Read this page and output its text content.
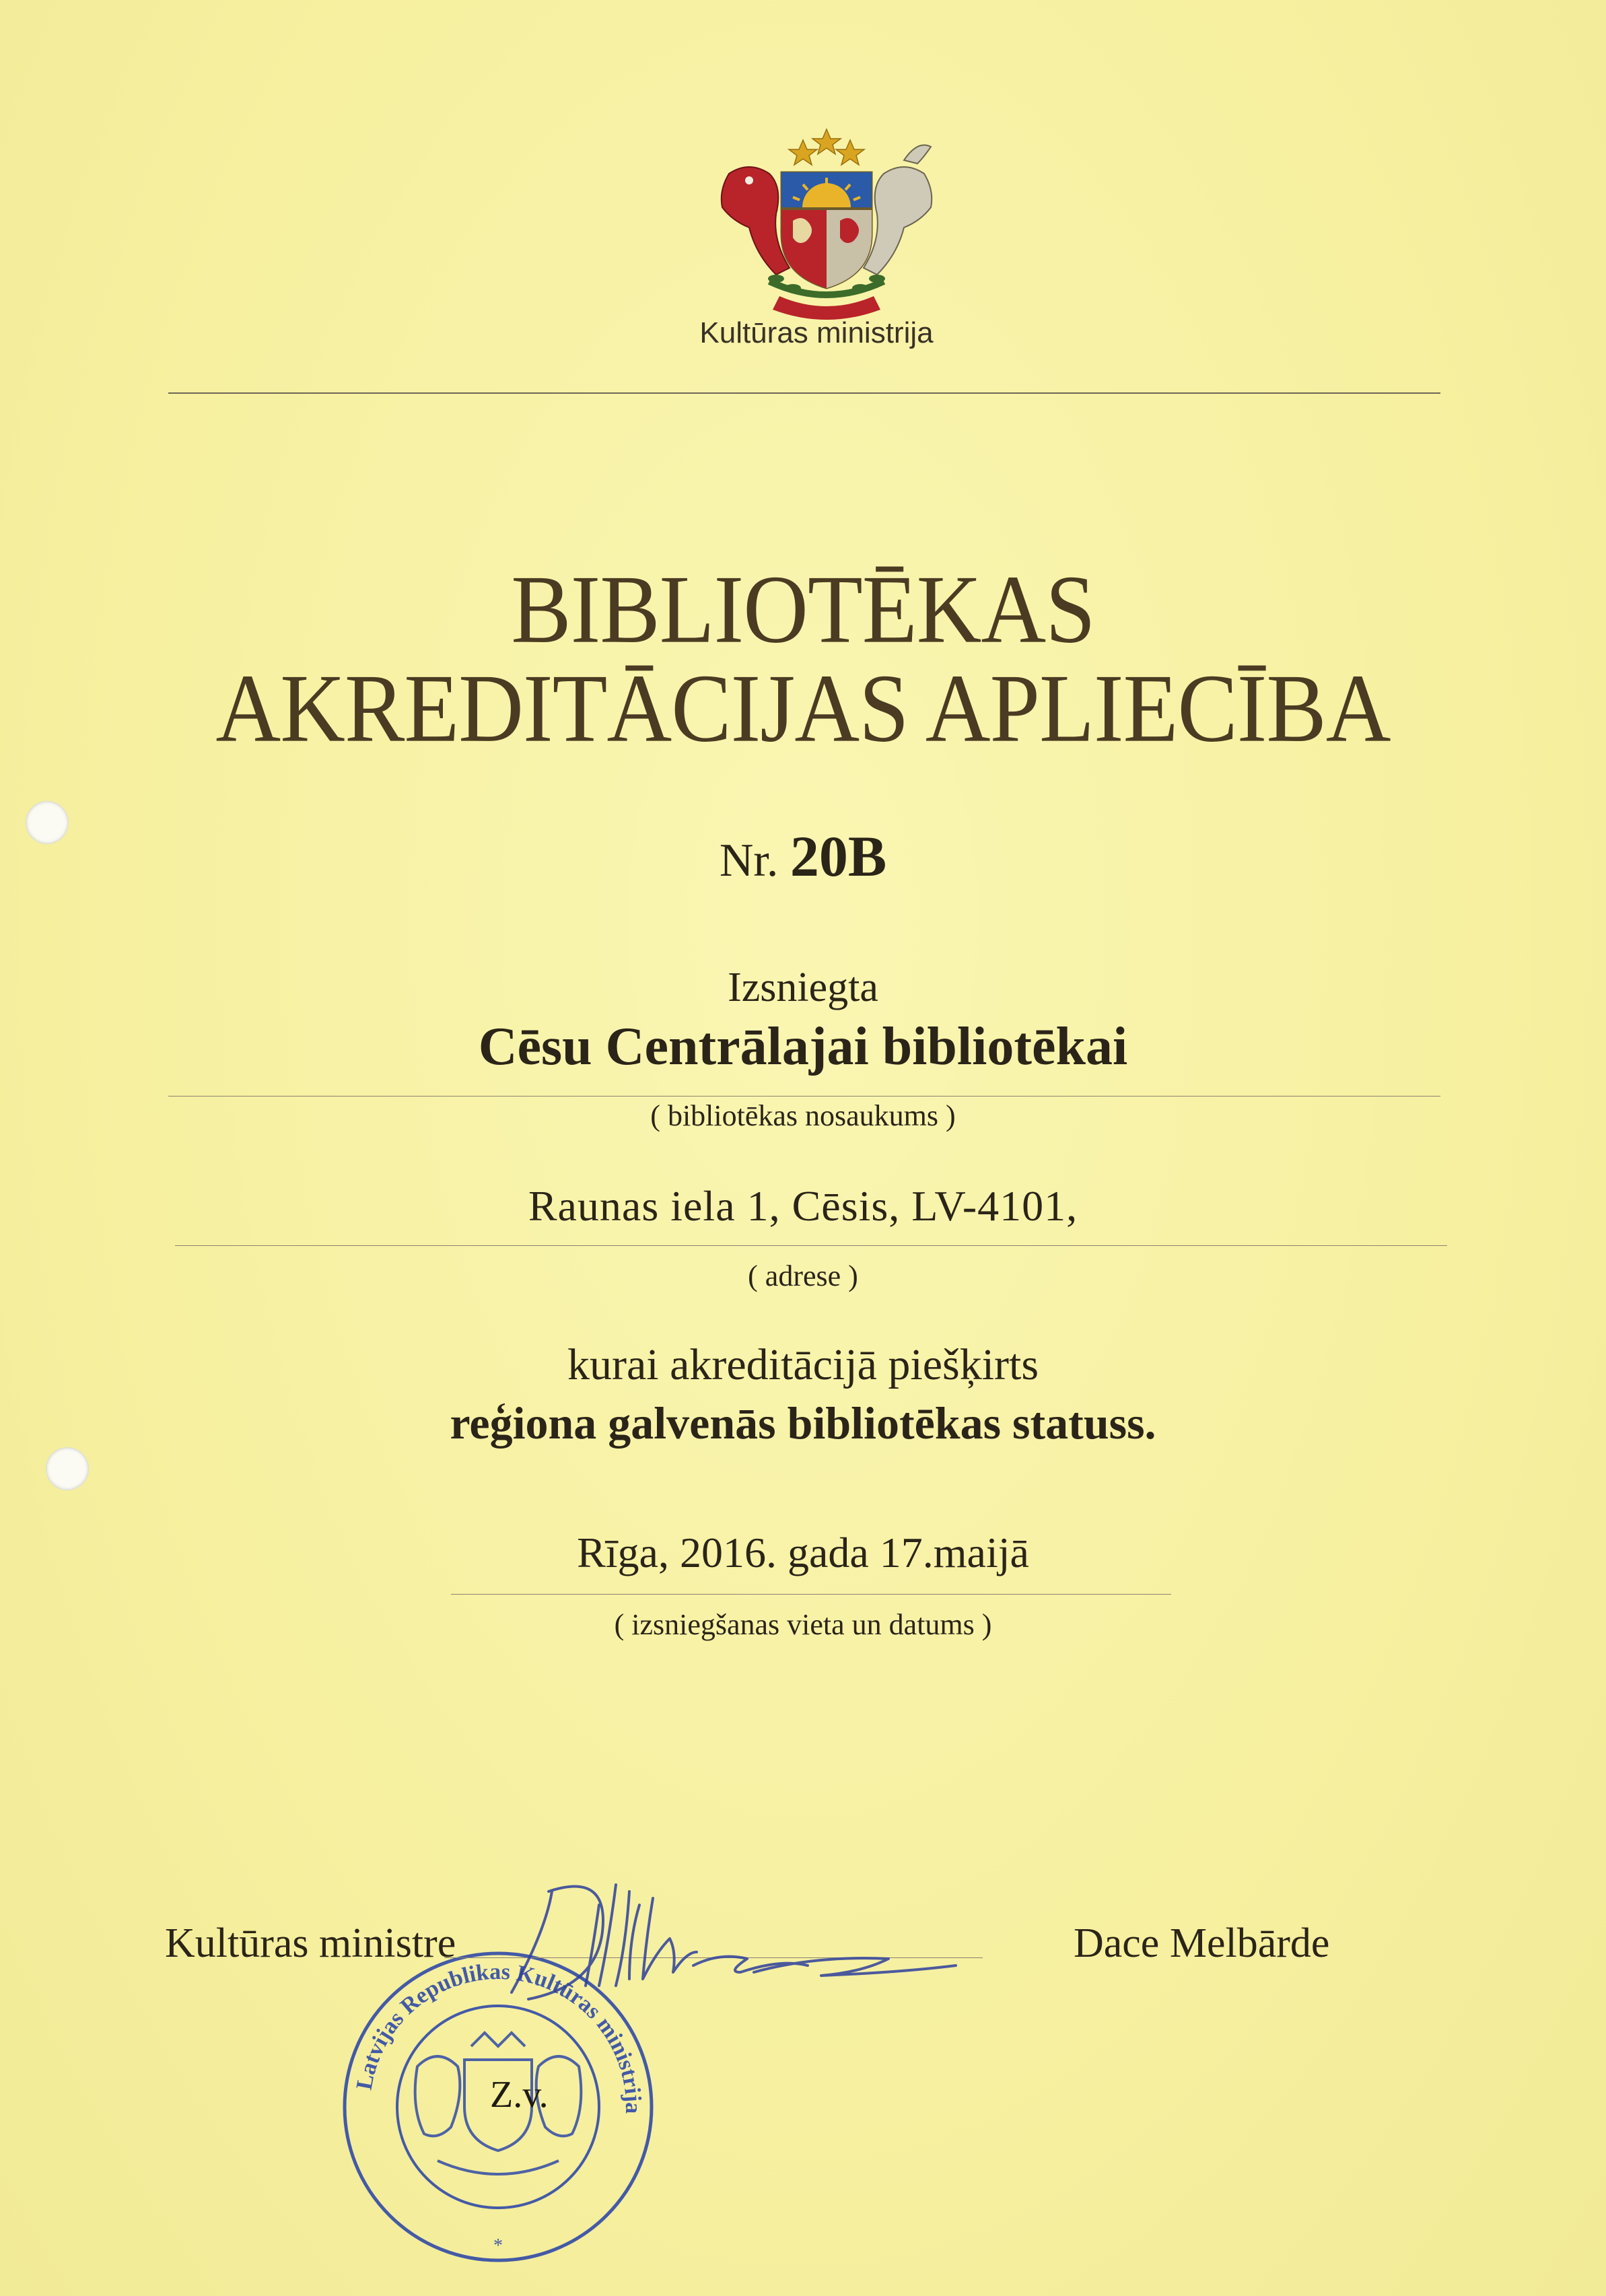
Kultūras ministrija
BIBLIOTĒKAS
AKREDITĀCIJAS APLIECĪBA
Nr. 20B
Izsniegta
Cēsu Centrālajai bibliotēkai
( bibliotēkas nosaukums )
Raunas iela 1, Cēsis, LV-4101,
( adrese )
kurai akreditācijā piešķirts
reģiona galvenās bibliotēkas statuss.
Rīga, 2016. gada 17.maijā
( izsniegšanas vieta un datums )
Latvijas Republikas Kultūras ministrija
*
Z.v.
Kultūras ministre	Dace Melbārde
